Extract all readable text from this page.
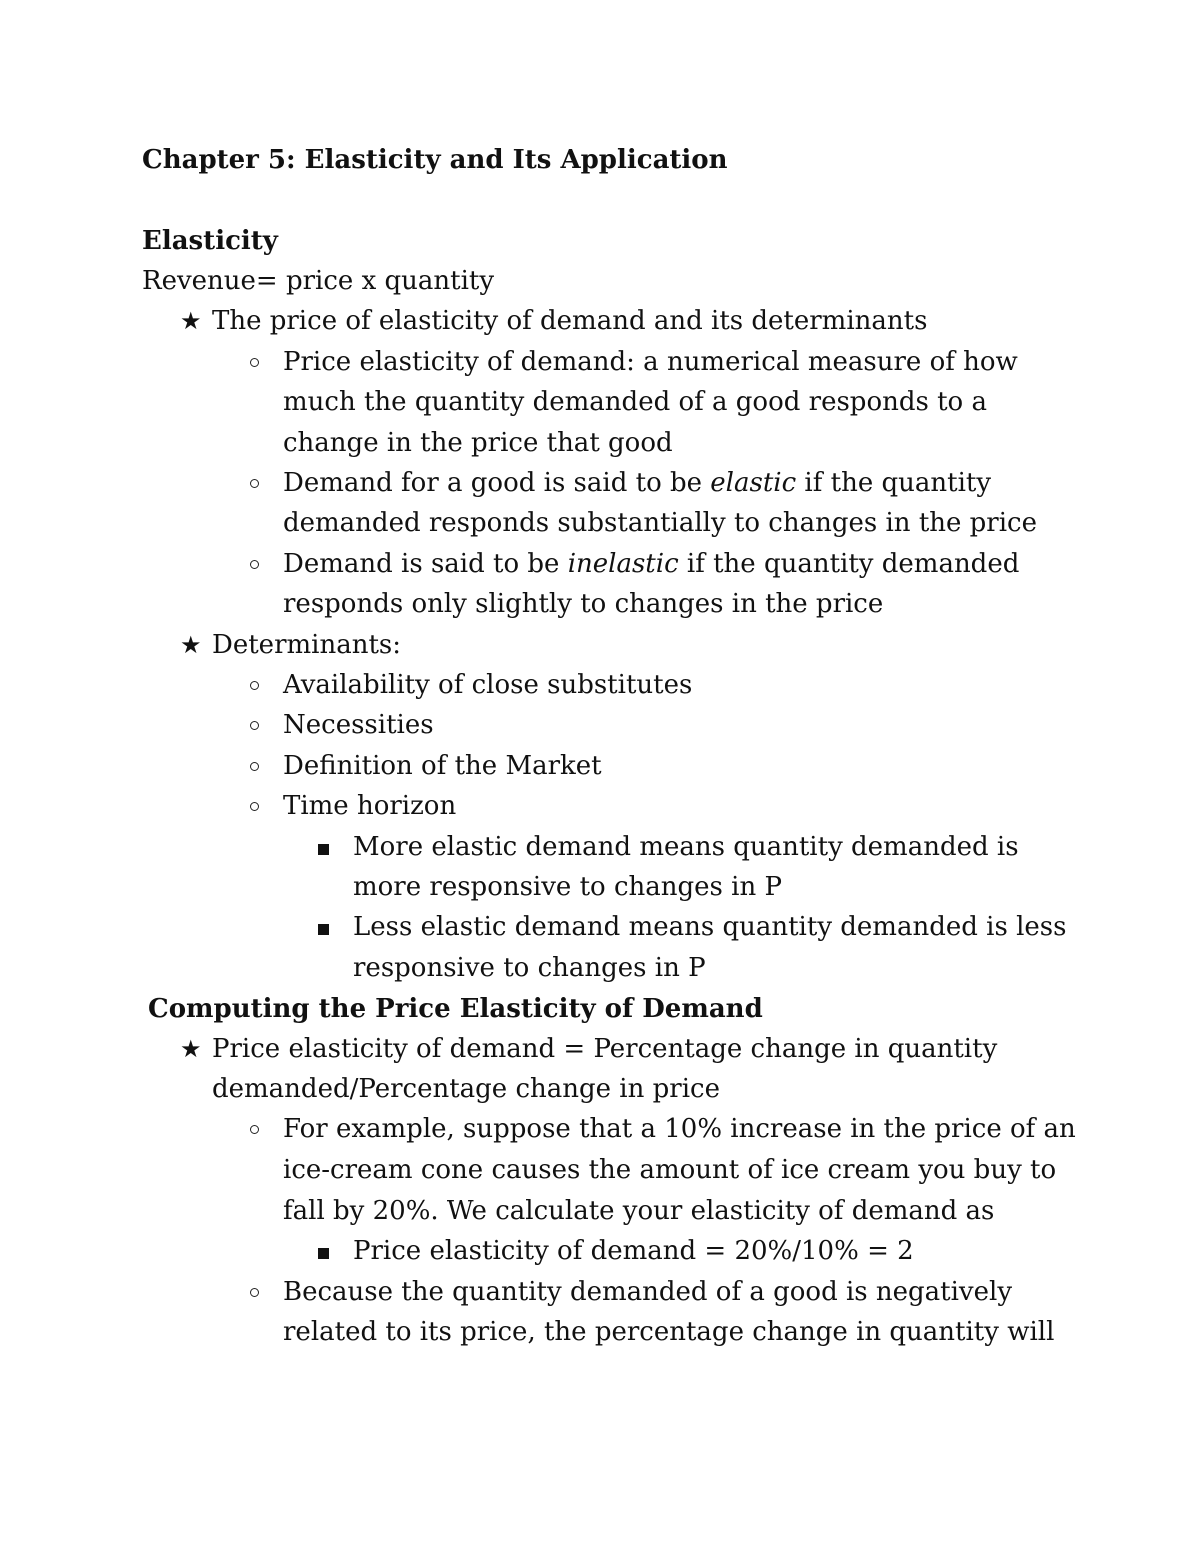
Chapter 5: Elasticity and Its Application
Elasticity
Revenue= price x quantity
★ The price of elasticity of demand and its determinants
Price elasticity of demand: a numerical measure of how
much the quantity demanded of a good responds to a
change in the price that good
Demand for a good is said to be elastic if the quantity
demanded responds substantially to changes in the price
Demand is said to be inelastic if the quantity demanded
responds only slightly to changes in the price
★ Determinants:
Availability of close substitutes
Necessities
Definition of the Market
Time horizon
More elastic demand means quantity demanded is
more responsive to changes in P
Less elastic demand means quantity demanded is less
responsive to changes in P
Computing the Price Elasticity of Demand
★ Price elasticity of demand = Percentage change in quantity
demanded/Percentage change in price
For example, suppose that a 10% increase in the price of an
ice-cream cone causes the amount of ice cream you buy to
fall by 20%. We calculate your elasticity of demand as
Price elasticity of demand = 20%/10% = 2
Because the quantity demanded of a good is negatively
related to its price, the percentage change in quantity will
